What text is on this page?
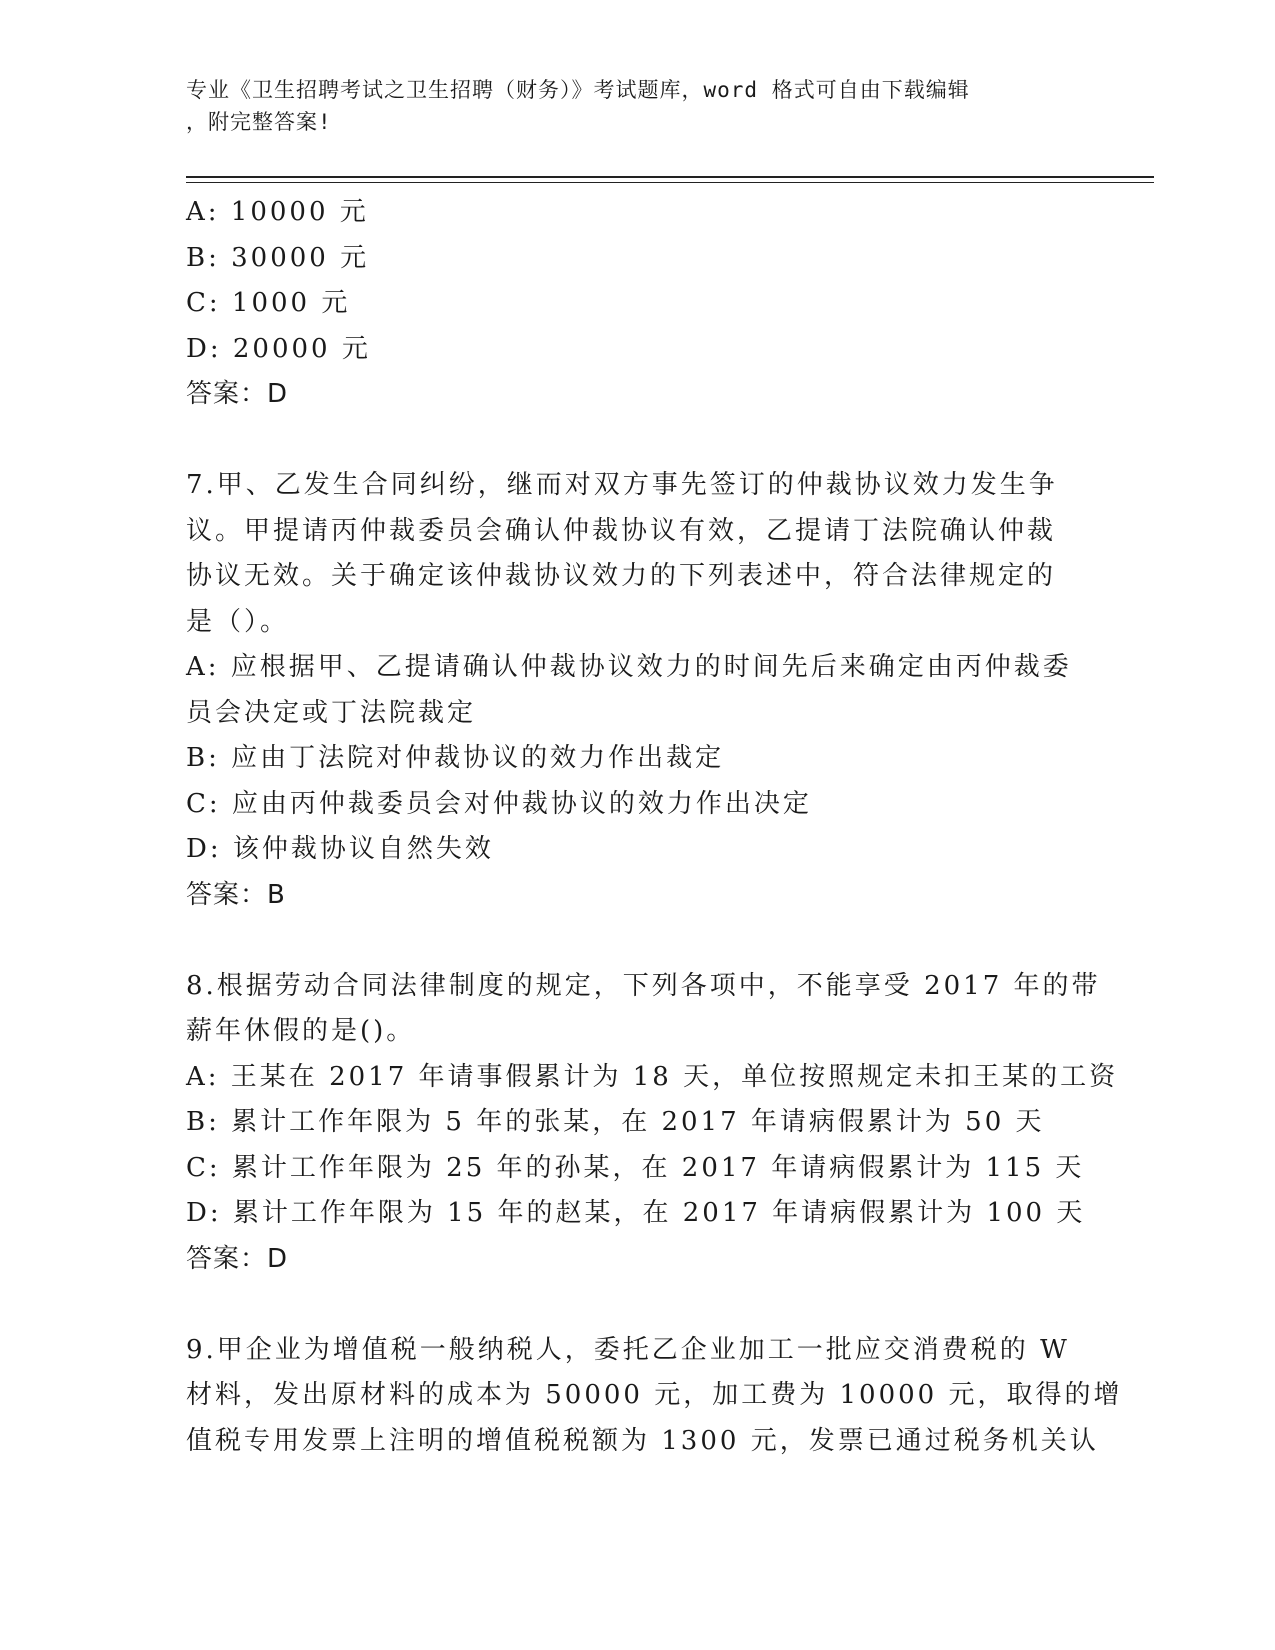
专业《卫生招聘考试之卫生招聘（财务）》考试题库，word 格式可自由下载编辑
，附完整答案!
A: 10000 元
B: 30000 元
C: 1000 元
D: 20000 元
答案：D
7.甲、乙发生合同纠纷，继而对双方事先签订的仲裁协议效力发生争
议。甲提请丙仲裁委员会确认仲裁协议有效，乙提请丁法院确认仲裁
协议无效。关于确定该仲裁协议效力的下列表述中，符合法律规定的
是（）。
A: 应根据甲、乙提请确认仲裁协议效力的时间先后来确定由丙仲裁委
员会决定或丁法院裁定
B: 应由丁法院对仲裁协议的效力作出裁定
C: 应由丙仲裁委员会对仲裁协议的效力作出决定
D: 该仲裁协议自然失效
答案：B
8.根据劳动合同法律制度的规定，下列各项中，不能享受 2017 年的带
薪年休假的是()。
A: 王某在 2017 年请事假累计为 18 天，单位按照规定未扣王某的工资
B: 累计工作年限为 5 年的张某，在 2017 年请病假累计为 50 天
C: 累计工作年限为 25 年的孙某，在 2017 年请病假累计为 115 天
D: 累计工作年限为 15 年的赵某，在 2017 年请病假累计为 100 天
答案：D
9.甲企业为增值税一般纳税人，委托乙企业加工一批应交消费税的 W
材料，发出原材料的成本为 50000 元，加工费为 10000 元，取得的增
值税专用发票上注明的增值税税额为 1300 元，发票已通过税务机关认
